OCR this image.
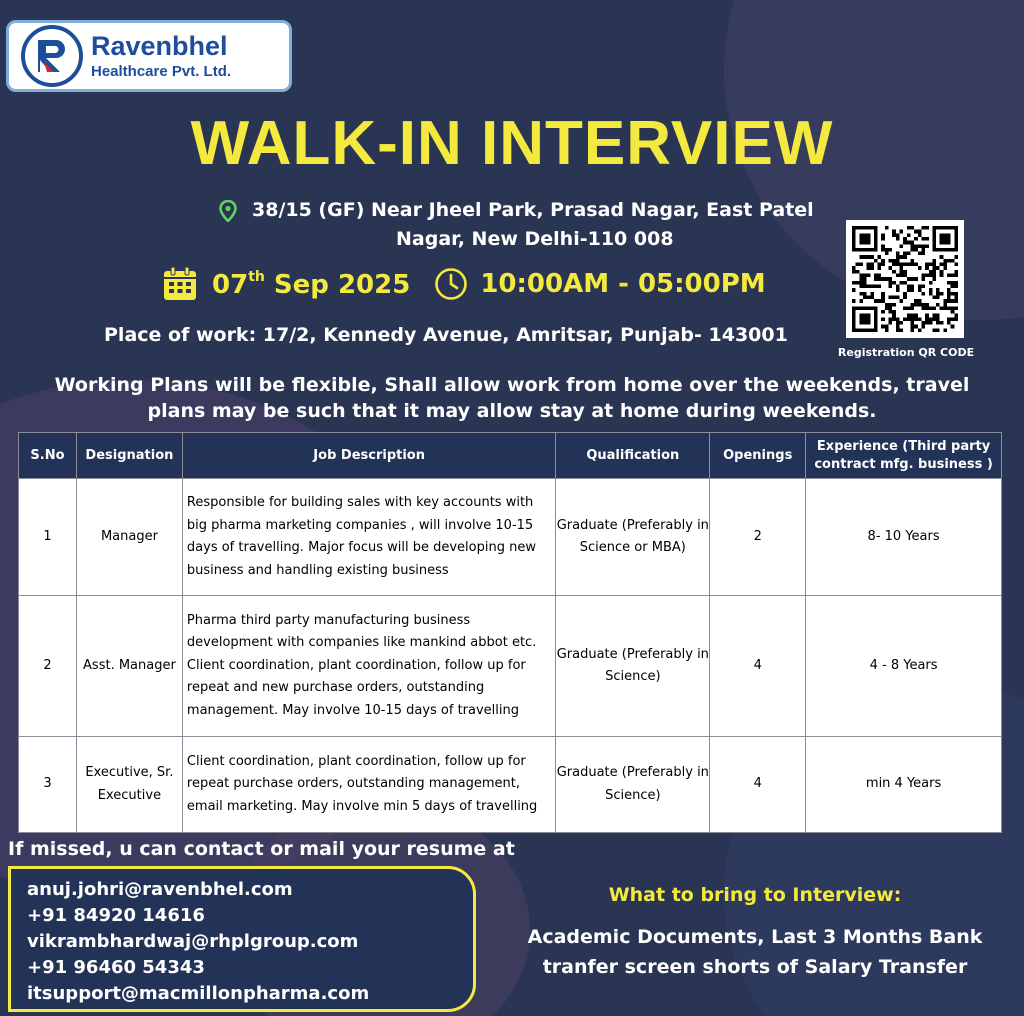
Ravenbhel
Healthcare Pvt. Ltd.
WALK-IN INTERVIEW
38/15 (GF) Near Jheel Park, Prasad Nagar, East Patel
Nagar, New Delhi-110 008
07th Sep 2025	10:00AM - 05:00PM
Registration QR CODE
Place of work: 17/2, Kennedy Avenue, Amritsar, Punjab- 143001
Working Plans will be flexible, Shall allow work from home over the weekends, travel plans may be such that it may allow stay at home during weekends.
S.No	Designation	Job Description	Qualification	Openings	Experience (Third party contract mfg. business )
1	Manager	Responsible for building sales with key accounts with big pharma marketing companies , will involve 10-15 days of travelling. Major focus will be developing new business and handling existing business	Graduate (Preferably in Science or MBA)	2	8- 10 Years
2	Asst. Manager	Pharma third party manufacturing business development with companies like mankind abbot etc. Client coordination, plant coordination, follow up for repeat and new purchase orders, outstanding management. May involve 10-15 days of travelling	Graduate (Preferably in Science)	4	4 - 8 Years
3	Executive, Sr. Executive	Client coordination, plant coordination, follow up for repeat purchase orders, outstanding management, email marketing. May involve min 5 days of travelling	Graduate (Preferably in Science)	4	min 4 Years
If missed, u can contact or mail your resume at
anuj.johri@ravenbhel.com
+91 84920 14616
vikrambhardwaj@rhplgroup.com
+91 96460 54343
itsupport@macmillonpharma.com
What to bring to Interview:
Academic Documents, Last 3 Months Bank tranfer screen shorts of Salary Transfer
